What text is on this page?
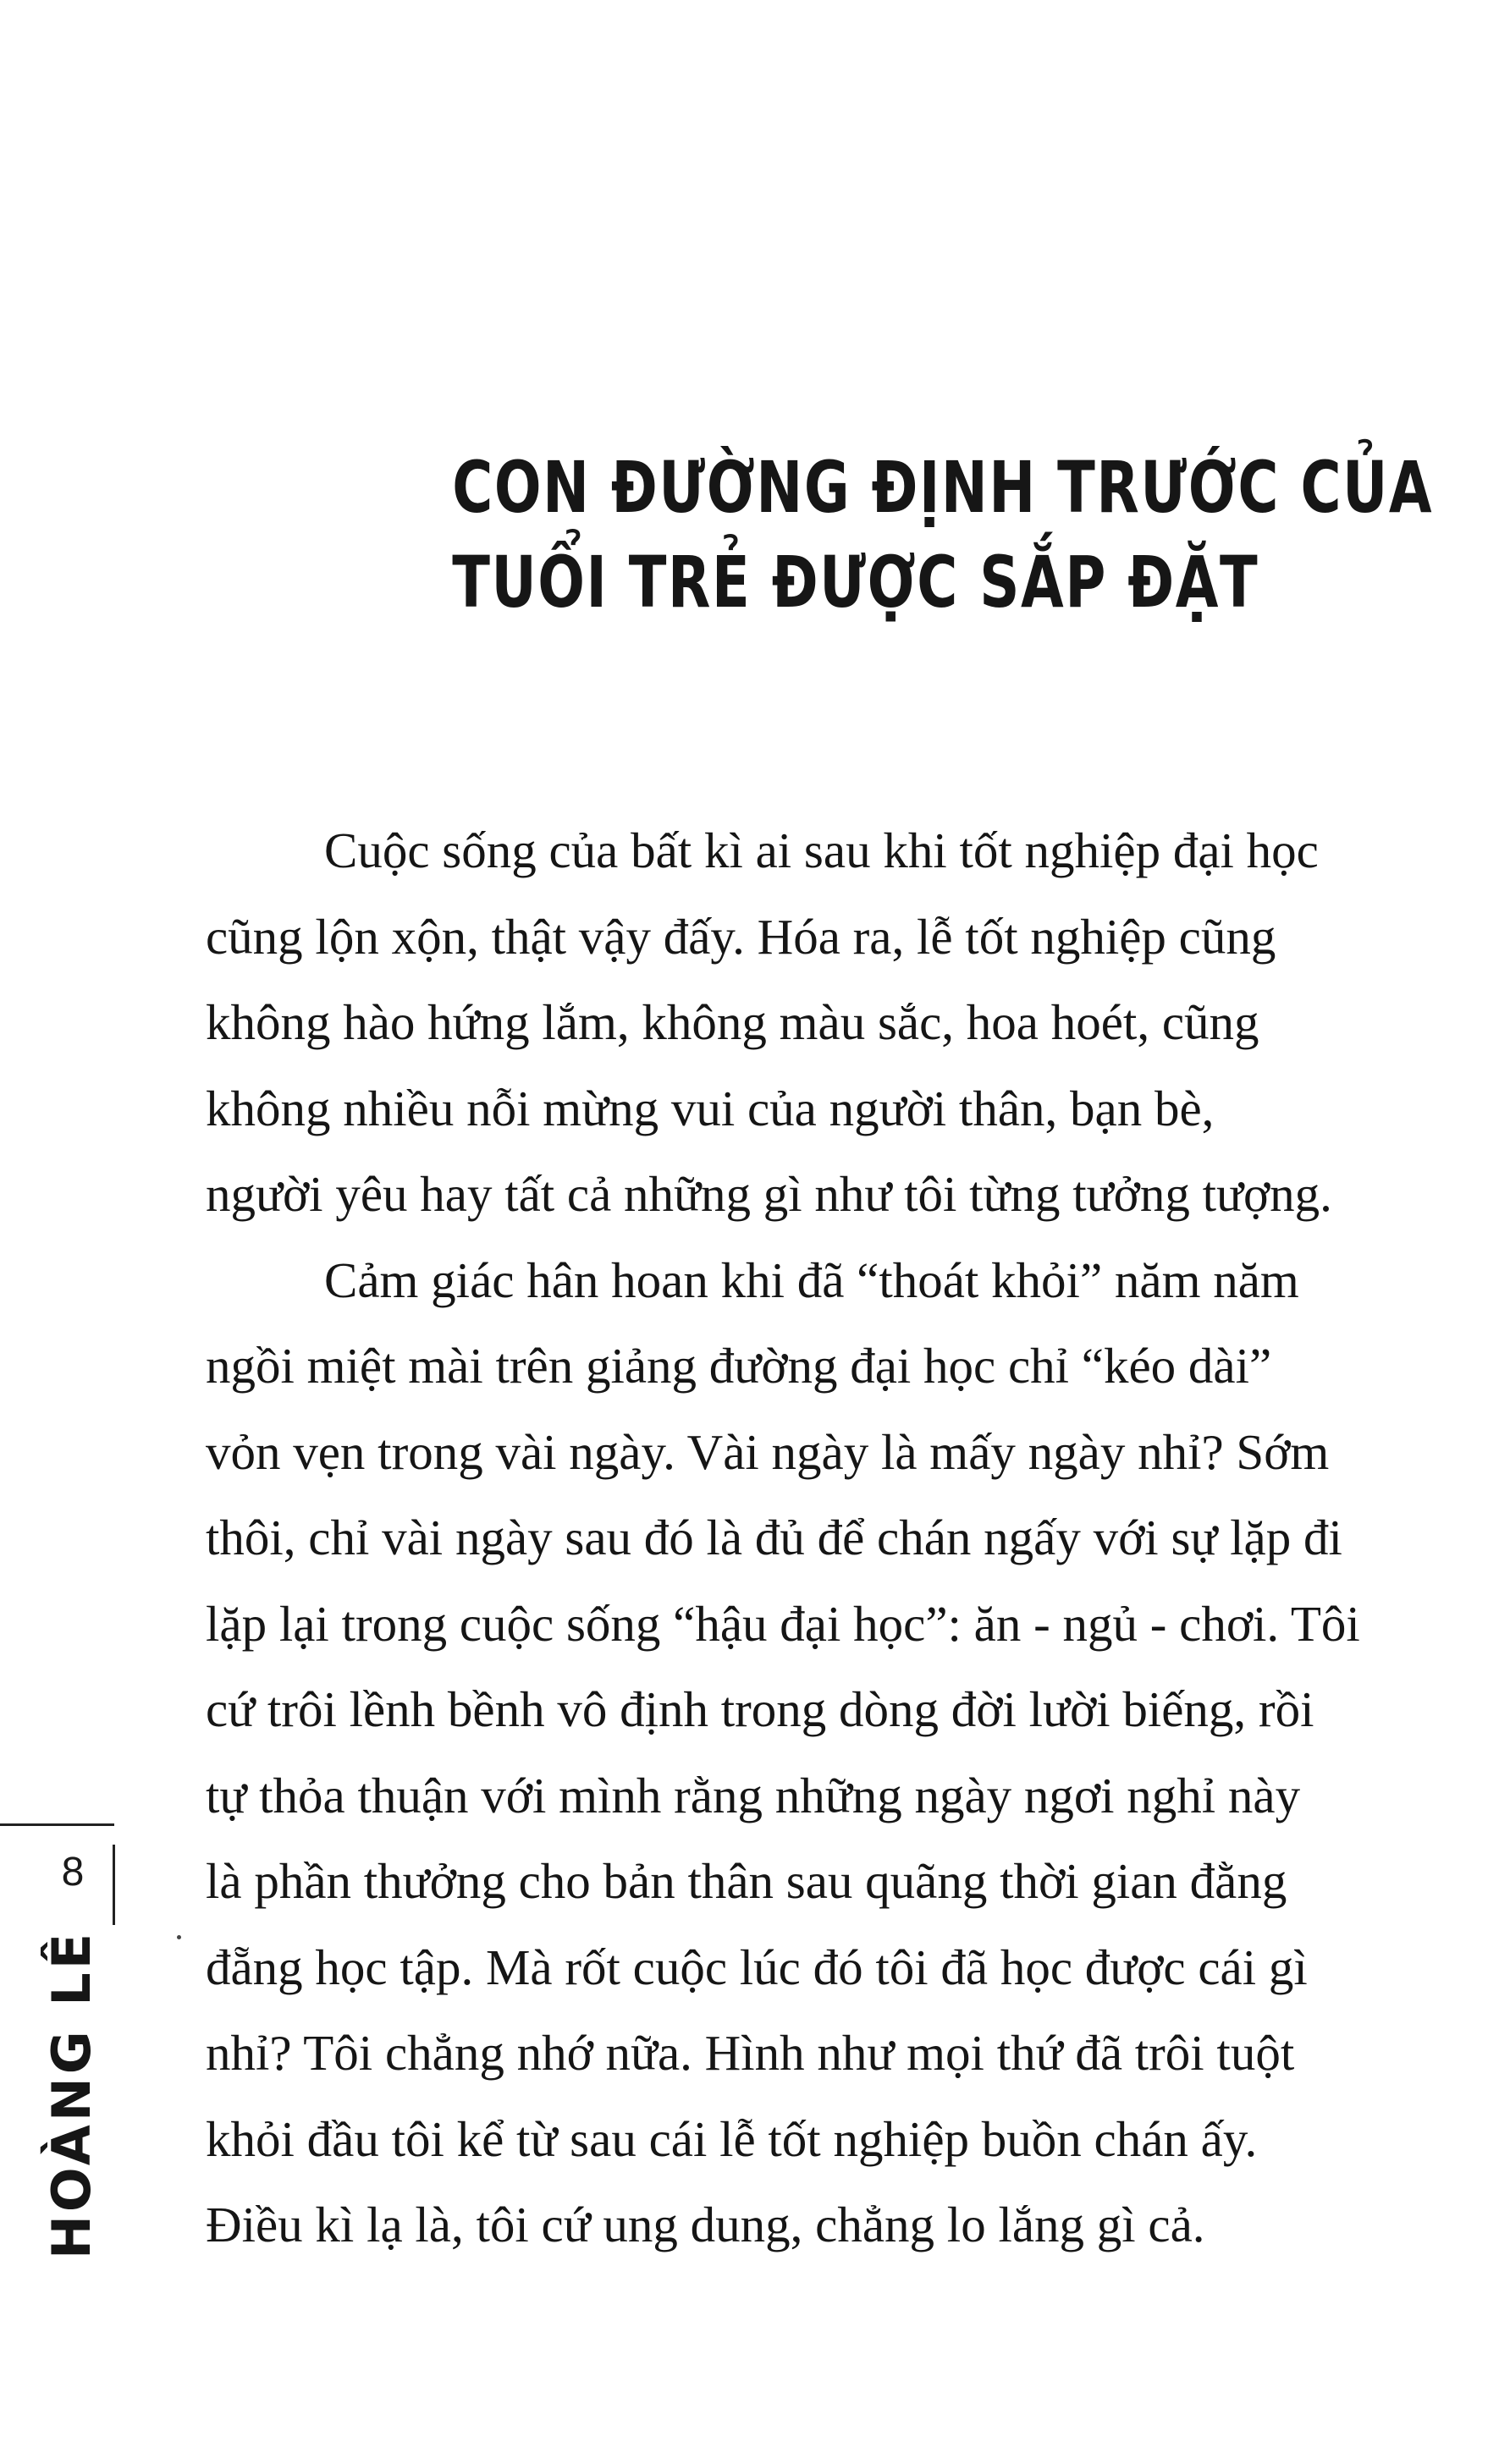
CON ĐƯỜNG ĐỊNH TRƯỚC CỦA
TUỔI TRẺ ĐƯỢC SẮP ĐẶT
Cuộc sống của bất kì ai sau khi tốt nghiệp đại học
cũng lộn xộn, thật vậy đấy. Hóa ra, lễ tốt nghiệp cũng
không hào hứng lắm, không màu sắc, hoa hoét, cũng
không nhiều nỗi mừng vui của người thân, bạn bè,
người yêu hay tất cả những gì như tôi từng tưởng tượng.
Cảm giác hân hoan khi đã “thoát khỏi” năm năm
ngồi miệt mài trên giảng đường đại học chỉ “kéo dài”
vỏn vẹn trong vài ngày. Vài ngày là mấy ngày nhỉ? Sớm
thôi, chỉ vài ngày sau đó là đủ để chán ngấy với sự lặp đi
lặp lại trong cuộc sống “hậu đại học”: ăn - ngủ - chơi. Tôi
cứ trôi lềnh bềnh vô định trong dòng đời lười biếng, rồi
tự thỏa thuận với mình rằng những ngày ngơi nghỉ này
là phần thưởng cho bản thân sau quãng thời gian đằng
đẵng học tập. Mà rốt cuộc lúc đó tôi đã học được cái gì
nhỉ? Tôi chẳng nhớ nữa. Hình như mọi thứ đã trôi tuột
khỏi đầu tôi kể từ sau cái lễ tốt nghiệp buồn chán ấy.
Điều kì lạ là, tôi cứ ung dung, chẳng lo lắng gì cả.
8
HOÀNG LÊ
